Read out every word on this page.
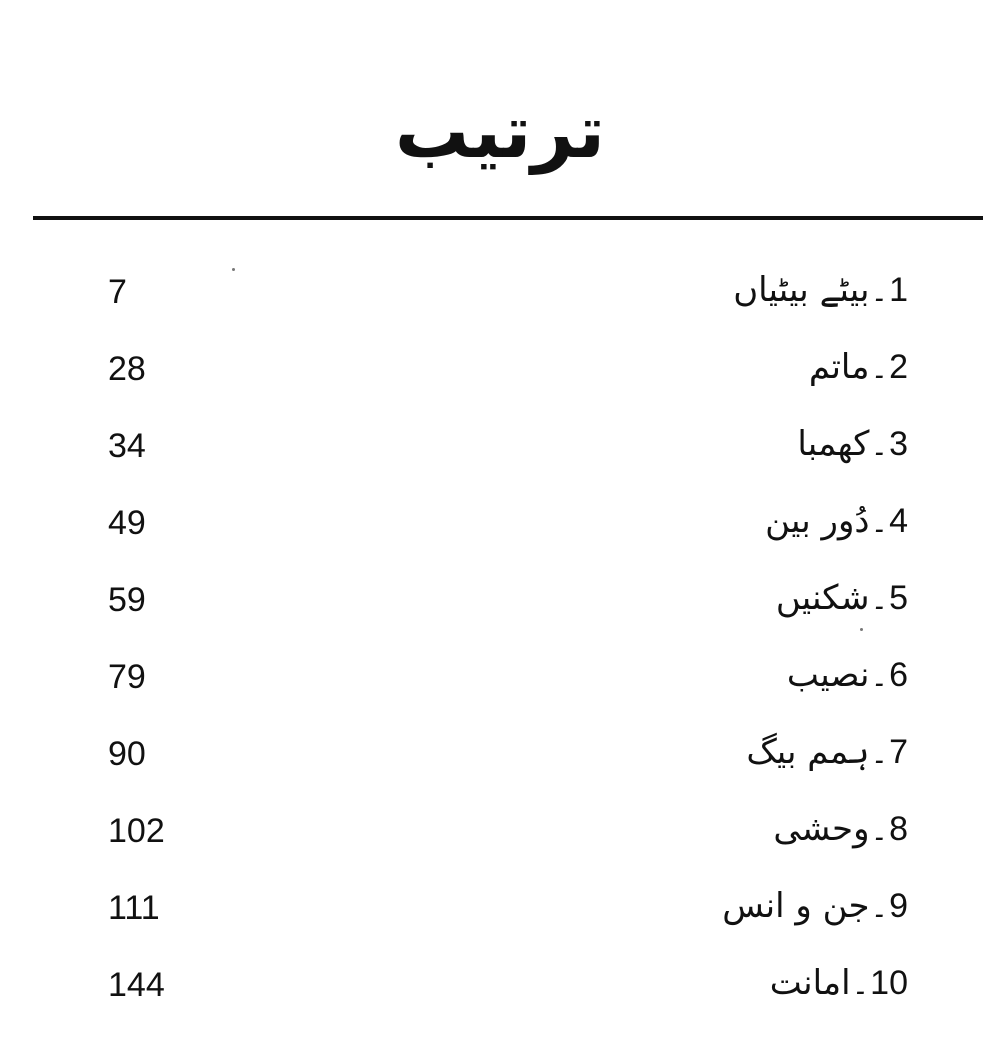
ترتیب
7	بیٹے بیٹیاں ۔ 1
28	ماتم ۔ 2
34	کھمبا ۔ 3
49	دُور بین ۔ 4
59	شکنیں ۔ 5
79	نصیب ۔ 6
90	ہمم بیگ ۔ 7
102	وحشی ۔ 8
111	جن و انس ۔ 9
144	امانت ۔ 10
